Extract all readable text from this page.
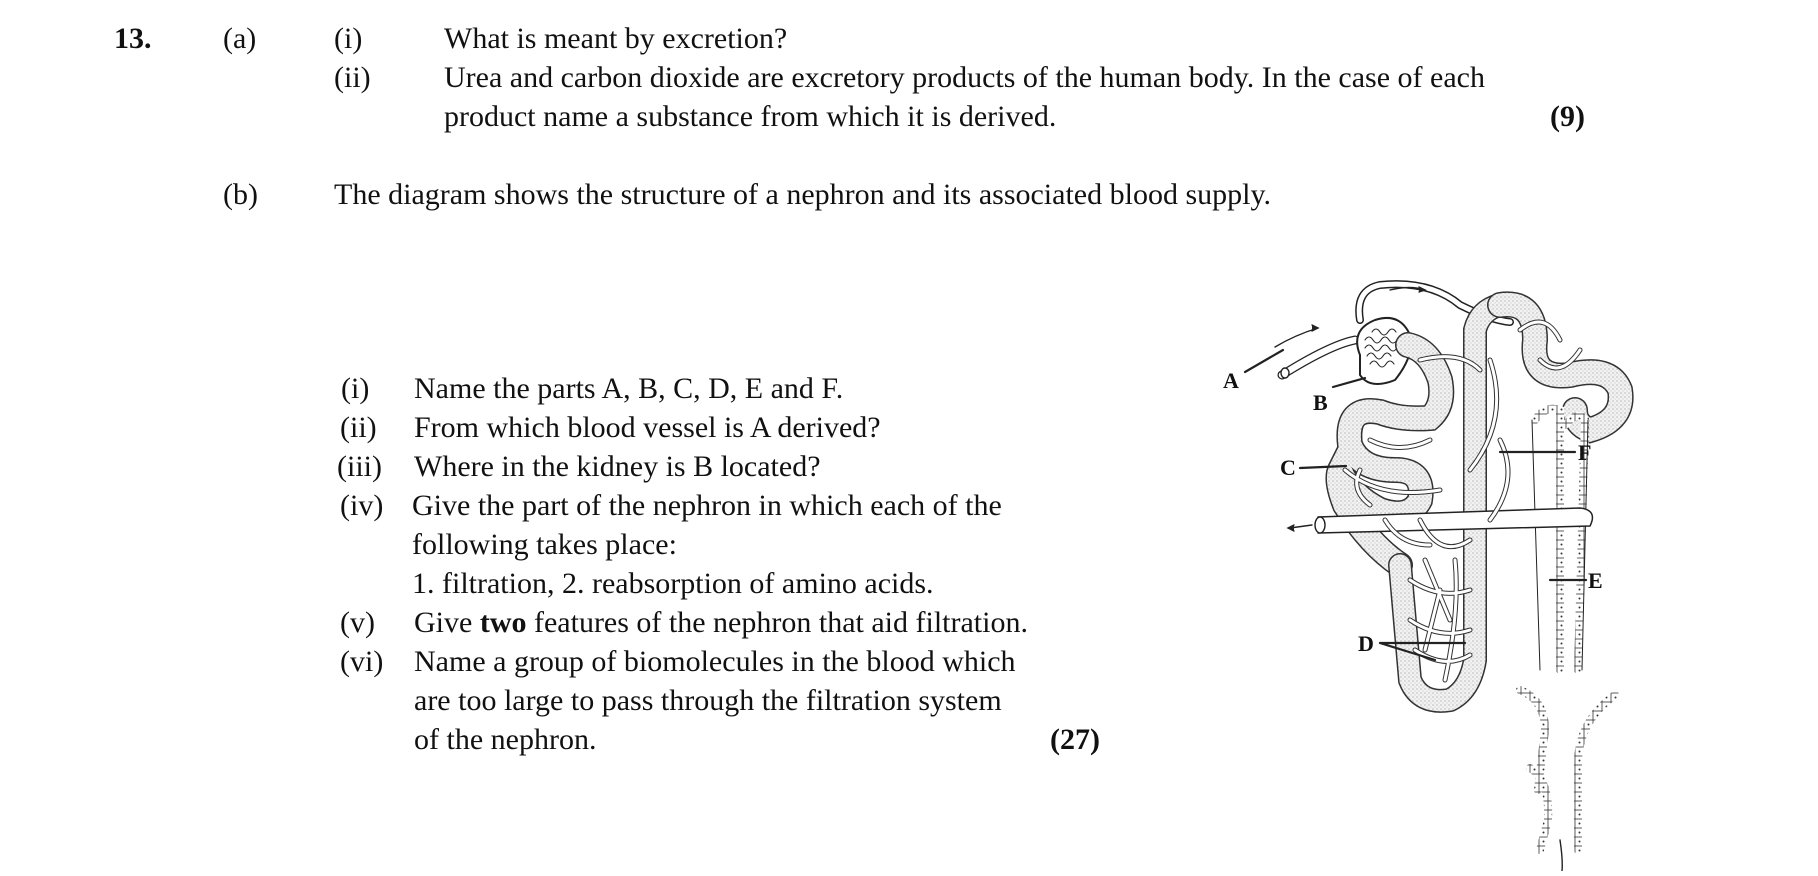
13. (a)	(i)	What is meant by excretion?
(ii) Urea and carbon dioxide are excretory products of the human body. In the case of each
product name a substance from which it is derived.	(9)
(b)	The diagram shows the structure of a nephron and its associated blood supply.
(i) Name the parts A, B, C, D, E and F.
(ii) From which blood vessel is A derived?
(iii) Where in the kidney is B located?
(iv) Give the part of the nephron in which each of the
following takes place:
1. filtration, 2. reabsorption of amino acids.
(v) Give two features of the nephron that aid filtration.
(vi) Name a group of biomolecules in the blood which
are too large to pass through the filtration system
of the nephron.	(27)
A
B
C
D
E
F
